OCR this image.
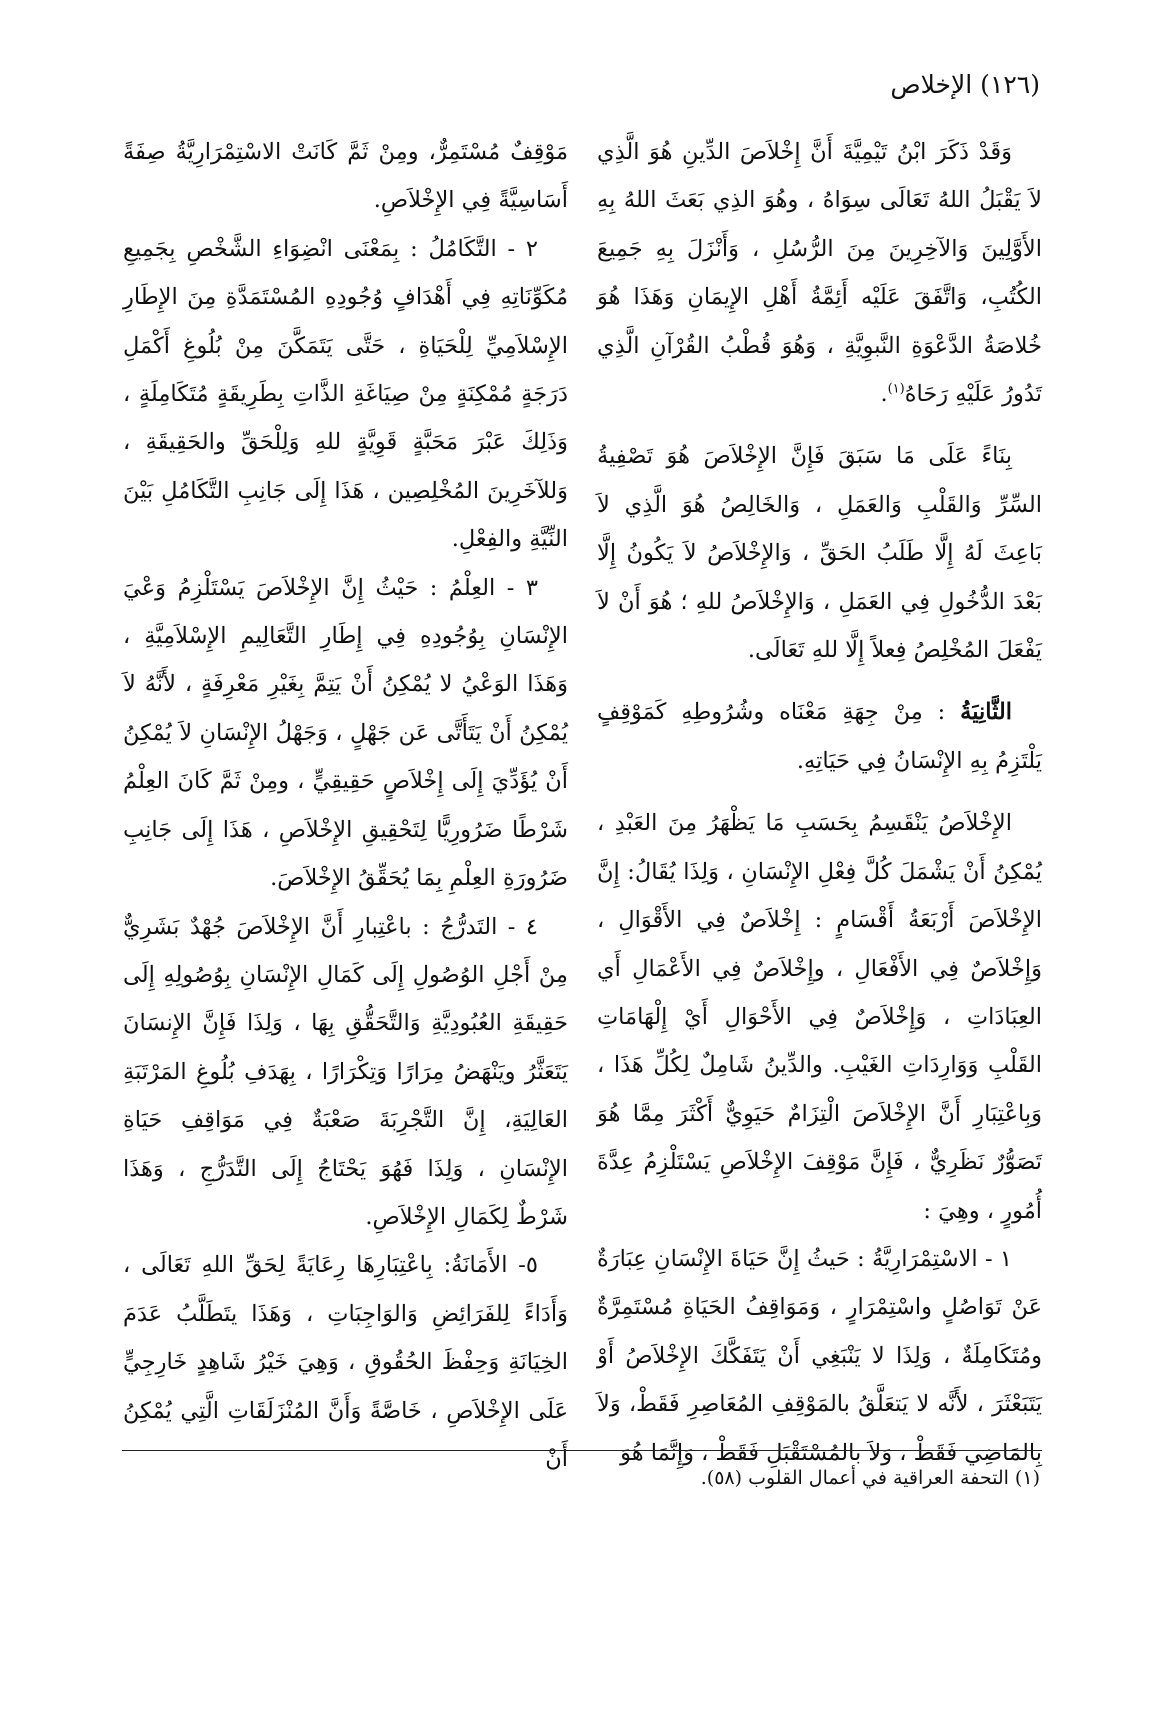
(١٢٦) الإخلاص

وَقَدْ ذَكَرَ ابْنُ تَيْمِيَّةَ أَنَّ إِخْلاَصَ الدِّينِ هُوَ الَّذِي لاَ يَقْبَلُ اللهُ تَعَالَى سِوَاهُ ، وهُوَ الذِي بَعَثَ اللهُ بِهِ الأَوَّلِينَ وَالآخِرِينَ مِنَ الرُّسُلِ ، وَأَنْزَلَ بِهِ جَمِيعَ الكُتُبِ، وَاتَّفَقَ عَلَيْه أَئِمَّةُ أَهْلِ الإِيمَانِ وَهَذَا هُوَ خُلاصَةُ الدَّعْوَةِ النَّبوِيَّةِ ، وَهُوَ قُطْبُ القُرْآنِ الَّذِي تَدُورُ عَلَيْهِ رَحَاهُ$^{(١)}$.

بِنَاءً عَلَى مَا سَبَقَ فَإِنَّ الإِخْلاَصَ هُوَ تَصْفِيةُ السِّرِّ وَالقَلْبِ وَالعَمَلِ ، وَالخَالِصُ هُوَ الَّذِي لاَ بَاعِثَ لَهُ إِلَّا طَلَبُ الحَقِّ ، وَالإِخْلاَصُ لاَ يَكُونُ إِلَّا بَعْدَ الدُّخُولِ فِي العَمَلِ ، وَالإِخْلاَصُ للهِ ؛ هُوَ أَنْ لاَ يَفْعَلَ المُخْلِصُ فِعلاً إِلَّا للهِ تَعَالَى.

الثَّانِيَةُ : مِنْ جِهَةِ مَعْنَاه وشُرُوطِهِ كَمَوْقِفٍ يَلْتَزِمُ بِهِ الإِنْسَانُ فِي حَيَاتِهِ.

الإِخْلاَصُ يَنْقَسِمُ بِحَسَبِ مَا يَظْهَرُ مِنَ العَبْدِ ، يُمْكِنُ أَنْ يَشْمَلَ كُلَّ فِعْلِ الإِنْسَانِ ، وَلِذَا يُقَالُ: إِنَّ الإِخْلاَصَ أَرْبَعَةُ أَقْسَامٍ : إِخْلاَصٌ فِي الأَقْوَالِ ، وَإِخْلاَصٌ فِي الأَفْعَالِ ، وإِخْلاَصٌ فِي الأَعْمَالِ أَي العِبَادَاتِ ، وَإِخْلاَصٌ فِي الأَحْوَالِ أَيْ إِلْهَامَاتِ القَلْبِ وَوَارِدَاتِ الغَيْبِ. والدِّينُ شَامِلٌ لِكُلِّ هَذَا ، وَبِاعْتِبَارِ أَنَّ الإِخْلاَصَ الْتِزَامٌ حَيَوِيٌّ أَكْثَرَ مِمَّا هُوَ تَصَوُّرٌ نَظَرِيٌّ ، فَإِنَّ مَوْقِفَ الإِخْلاَصِ يَسْتَلْزِمُ عِدَّةَ أُمُورٍ ، وهِيَ :

١ - الاسْتِمْرَارِيَّةُ : حَيثُ إِنَّ حَيَاةَ الإِنْسَانِ عِبَارَةٌ عَنْ تَوَاصُلٍ واسْتِمْرَارٍ ، وَمَوَاقِفُ الحَيَاةِ مُسْتَمِرَّةٌ ومُتَكَامِلَةٌ ، وَلِذَا لا يَنْبَغِي أَنْ يَتَفَكَّكَ الإِخْلاَصُ أَوْ يَتَبَعْثَرَ ، لأَنَّه لا يَتعَلَّقُ بالمَوْقِفِ المُعَاصِرِ فَقَطْ، وَلاَ بِالمَاضِي فَقَطْ ، وَلاَ بالمُسْتَقْبَلِ فَقَطْ ، وَإِنَّمَا هُوَ

مَوْقِفٌ مُسْتَمِرٌّ، ومِنْ ثَمَّ كَانَتْ الاسْتِمْرَارِيَّةُ صِفَةً أَسَاسِيَّةً فِي الإِخْلاَصِ.

٢ - التَّكَامُلُ : بِمَعْنَى انْضِوَاءِ الشَّخْصِ بِجَمِيعِ مُكَوِّنَاتِهِ فِي أَهْدَافٍ وُجُودِهِ المُسْتَمَدَّةِ مِنَ الإِطَارِ الإِسْلاَمِيِّ لِلْحَيَاةِ ، حَتَّى يَتَمَكَّنَ مِنْ بُلُوغِ أَكْمَلِ دَرَجَةٍ مُمْكِنَةٍ مِنْ صِيَاغَةِ الذَّاتِ بِطَرِيقَةٍ مُتَكَامِلَةٍ ، وَذَلِكَ عَبْرَ مَحَبَّةٍ قَوِيَّةٍ للهِ وَلِلْحَقِّ والحَقِيقَةِ ، وَللآخَرِينَ المُخْلِصِين ، هَذَا إِلَى جَانِبِ التَّكَامُلِ بَيْنَ النِّيَّةِ والفِعْلِ.

٣ - العِلْمُ : حَيْثُ إِنَّ الإِخْلاَصَ يَسْتَلْزِمُ وَعْيَ الإِنْسَانِ بِوُجُودِهِ فِي إِطَارِ التَّعَالِيمِ الإِسْلاَمِيَّةِ ، وَهَذَا الوَعْيُ لا يُمْكِنُ أَنْ يَتِمَّ بِغَيْرِ مَعْرِفَةٍ ، لأَنَّهُ لاَ يُمْكِنُ أَنْ يَتَأَتَّى عَن جَهْلٍ ، وَجَهْلُ الإِنْسَانِ لاَ يُمْكِنُ أَنْ يُؤَدِّيَ إِلَى إِخْلاَصٍ حَقِيقِيٍّ ، ومِنْ ثَمَّ كَانَ العِلْمُ شَرْطًا ضَرُورِيًّا لِتَحْقِيقِ الإِخْلاَصِ ، هَذَا إِلَى جَانِبِ ضَرُورَةِ العِلْمِ بِمَا يُحَقِّقُ الإِخْلاَصَ.

٤ - التَدرُّجُ : باعْتِبارِ أَنَّ الإِخْلاَصَ جُهْدٌ بَشَرِيٌّ مِنْ أَجْلِ الوُصُولِ إِلَى كَمَالِ الإِنْسَانِ بِوُصُولِهِ إِلَى حَقِيقَةِ العُبُودِيَّةِ وَالتَّحَقُّقِ بِهَا ، وَلِذَا فَإِنَّ الإِنسَانَ يَتَعَثَّرُ ويَنْهَضُ مِرَارًا وَتِكْرَارًا ، بِهَدَفِ بُلُوغِ المَرْتَبَةِ العَالِيَةِ، إِنَّ التَّجْرِبَةَ صَعْبَةٌ فِي مَوَاقِفِ حَيَاةِ الإِنْسَانِ ، وَلِذَا فَهُوَ يَحْتَاجُ إِلَى التَّدَرُّجِ ، وَهَذَا شَرْطٌ لِكَمَالِ الإِخْلاَصِ.

٥- الأَمَانَةُ: بِاعْتِبَارِهَا رِعَايَةً لِحَقِّ اللهِ تَعَالَى ، وَأَدَاءً لِلفَرَائِضِ وَالوَاجِبَاتِ ، وَهَذَا يتَطَلَّبُ عَدَمَ الخِيَانَةِ وَحِفْظَ الحُقُوقِ ، وَهِيَ خَيْرُ شَاهِدٍ خَارِجِيٍّ عَلَى الإِخْلاَصِ ، خَاصَّةً وَأَنَّ المُنْزَلَقَاتِ الَّتِي يُمْكِنُ أَنْ

(١) التحفة العراقية في أعمال القلوب (٥٨).
